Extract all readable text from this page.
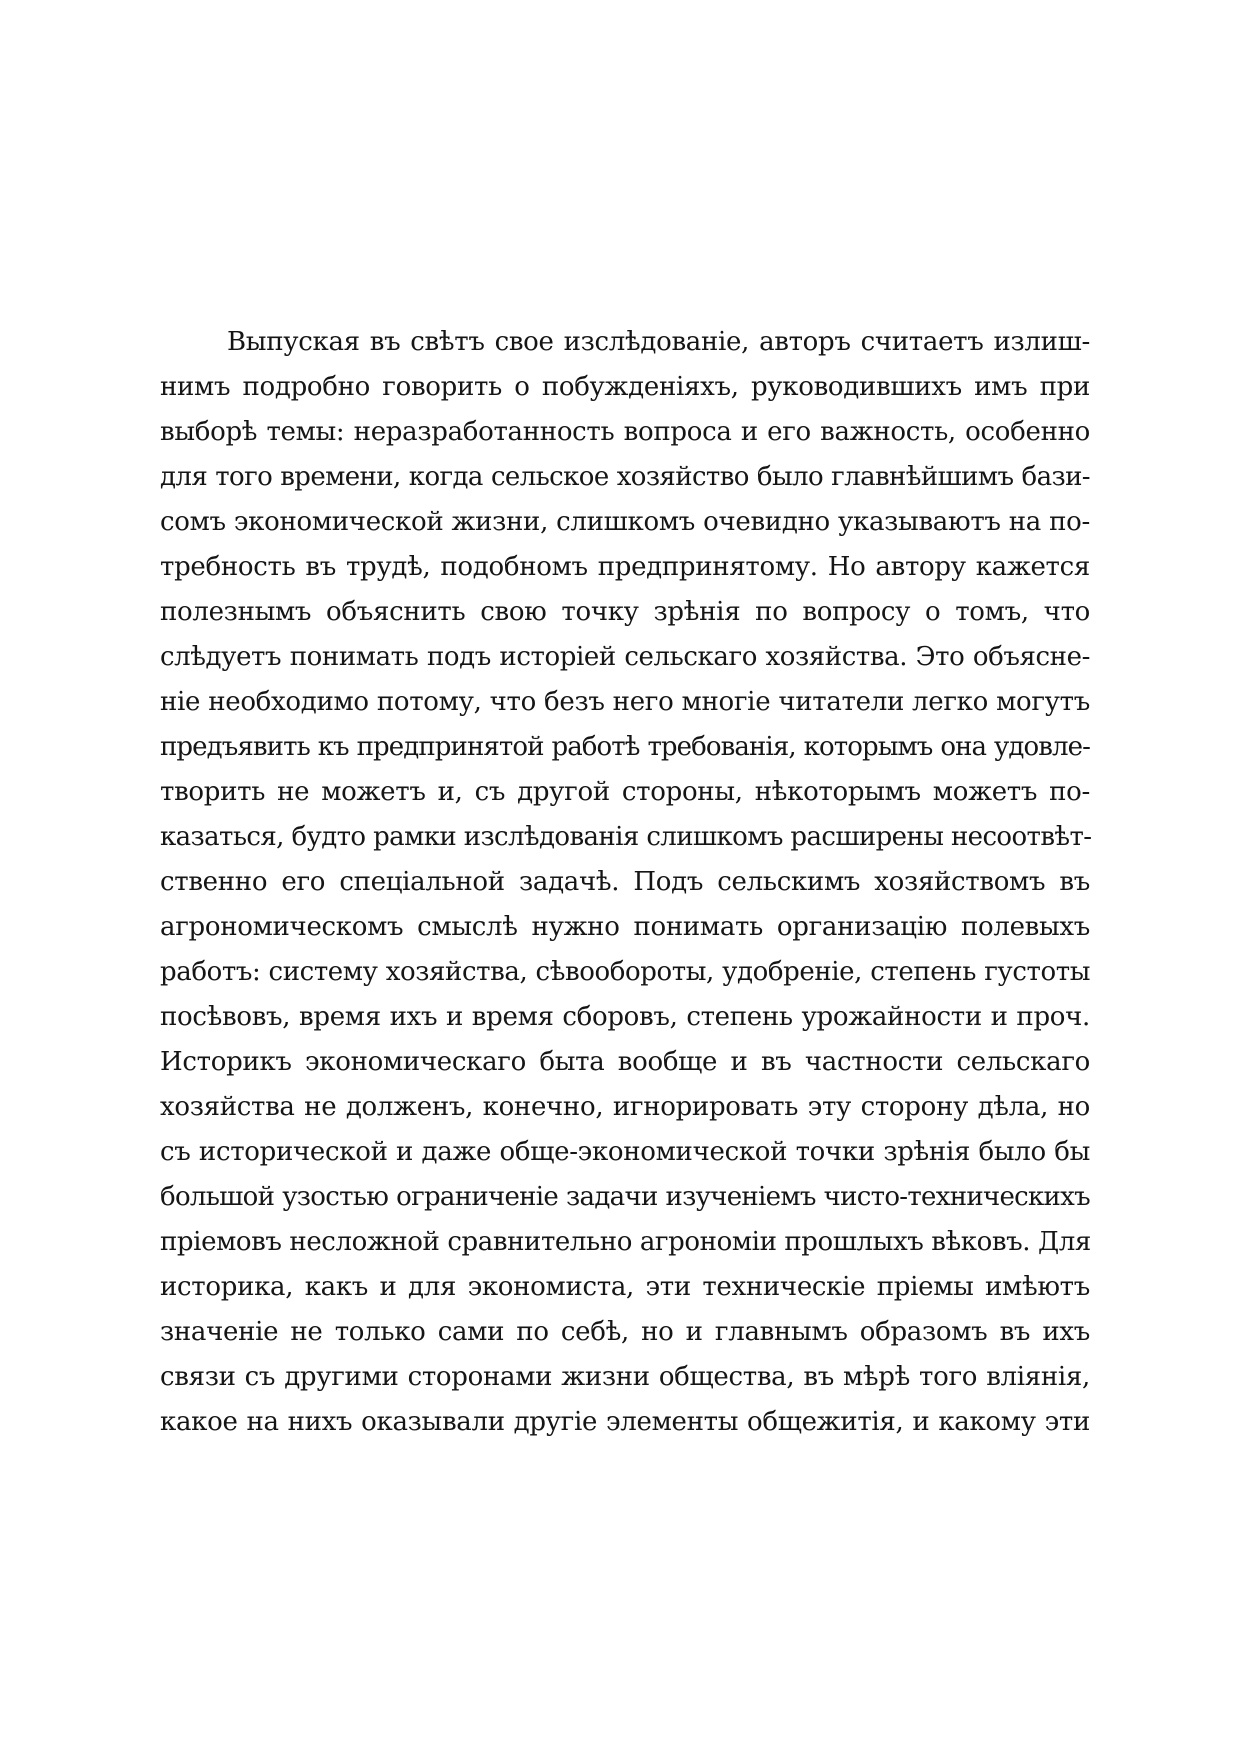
Выпуская въ свѣтъ свое изслѣдованіе, авторъ считаетъ излиш-
нимъ подробно говорить о побужденіяхъ, руководившихъ имъ при
выборѣ темы: неразработанность вопроса и его важность, особенно
для того времени, когда сельское хозяйство было главнѣйшимъ бази-
сомъ экономической жизни, слишкомъ очевидно указываютъ на по-
требность въ трудѣ, подобномъ предпринятому. Но автору кажется
полезнымъ объяснить свою точку зрѣнія по вопросу о томъ, что
слѣдуетъ понимать подъ исторіей сельскаго хозяйства. Это объясне-
ніе необходимо потому, что безъ него многіе читатели легко могутъ
предъявить къ предпринятой работѣ требованія, которымъ она удовле-
творить не можетъ и, съ другой стороны, нѣкоторымъ можетъ по-
казаться, будто рамки изслѣдованія слишкомъ расширены несоотвѣт-
ственно его спеціальной задачѣ. Подъ сельскимъ хозяйствомъ въ
агрономическомъ смыслѣ нужно понимать организацію полевыхъ
работъ: систему хозяйства, сѣвообороты, удобреніе, степень густоты
посѣвовъ, время ихъ и время сборовъ, степень урожайности и проч.
Историкъ экономическаго быта вообще и въ частности сельскаго
хозяйства не долженъ, конечно, игнорировать эту сторону дѣла, но
съ исторической и даже обще-экономической точки зрѣнія было бы
большой узостью ограниченіе задачи изученіемъ чисто-техническихъ
пріемовъ несложной сравнительно агрономіи прошлыхъ вѣковъ. Для
историка, какъ и для экономиста, эти техническіе пріемы имѣютъ
значеніе не только сами по себѣ, но и главнымъ образомъ въ ихъ
связи съ другими сторонами жизни общества, въ мѣрѣ того вліянія,
какое на нихъ оказывали другіе элементы общежитія, и какому эти
